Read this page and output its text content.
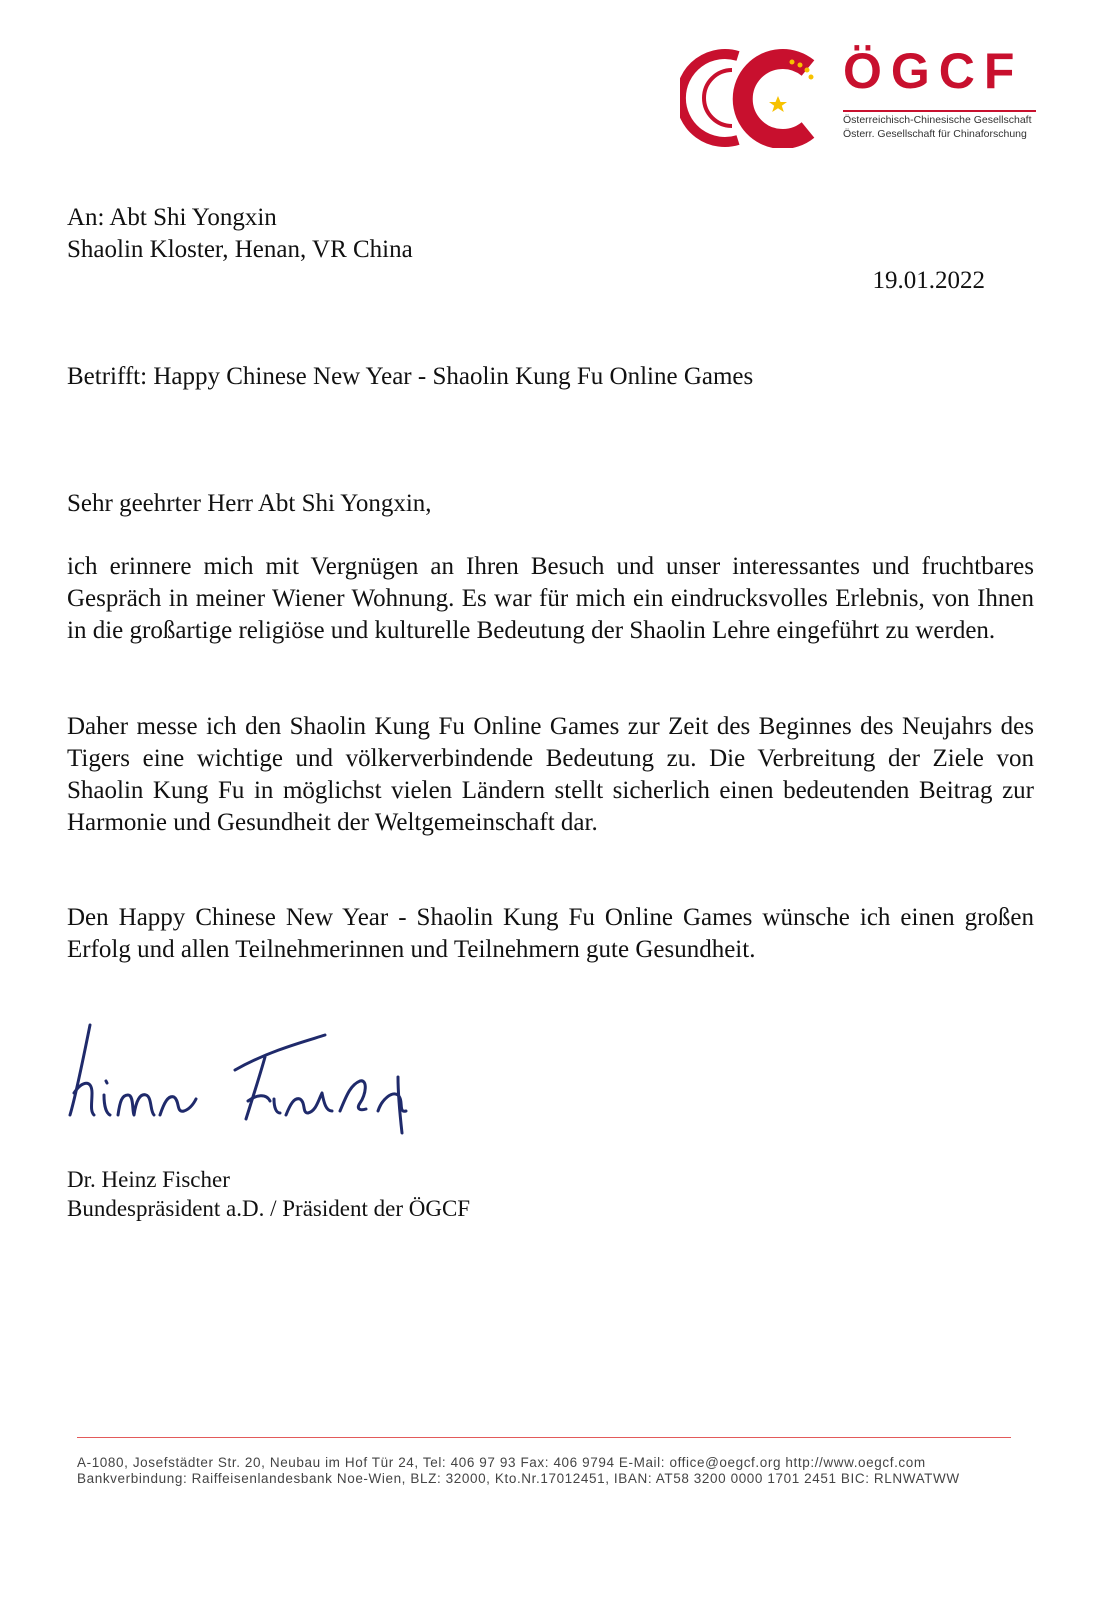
ÖGCF
Österreichisch-Chinesische Gesellschaft
Österr. Gesellschaft für Chinaforschung
An: Abt Shi Yongxin
Shaolin Kloster, Henan, VR China
19.01.2022
Betrifft: Happy Chinese New Year - Shaolin Kung Fu Online Games
Sehr geehrter Herr Abt Shi Yongxin,

ich erinnere mich mit Vergnügen an Ihren Besuch und unser interessantes und fruchtbares Gespräch in meiner Wiener Wohnung. Es war für mich ein eindrucksvolles Erlebnis, von Ihnen in die großartige religiöse und kulturelle Bedeutung der Shaolin Lehre eingeführt zu werden.

Daher messe ich den Shaolin Kung Fu Online Games zur Zeit des Beginnes des Neujahrs des Tigers eine wichtige und völkerverbindende Bedeutung zu. Die Verbreitung der Ziele von Shaolin Kung Fu in möglichst vielen Ländern stellt sicherlich einen bedeutenden Beitrag zur Harmonie und Gesundheit der Weltgemeinschaft dar.

Den Happy Chinese New Year - Shaolin Kung Fu Online Games wünsche ich einen großen Erfolg und allen Teilnehmerinnen und Teilnehmern gute Gesundheit.

Dr. Heinz Fischer
Bundespräsident a.D. / Präsident der ÖGCF
A-1080, Josefstädter Str. 20, Neubau im Hof Tür 24, Tel: 406 97 93 Fax: 406 9794 E-Mail: office@oegcf.org http://www.oegcf.com
Bankverbindung: Raiffeisenlandesbank Noe-Wien, BLZ: 32000, Kto.Nr.17012451, IBAN: AT58 3200 0000 1701 2451 BIC: RLNWATWW
